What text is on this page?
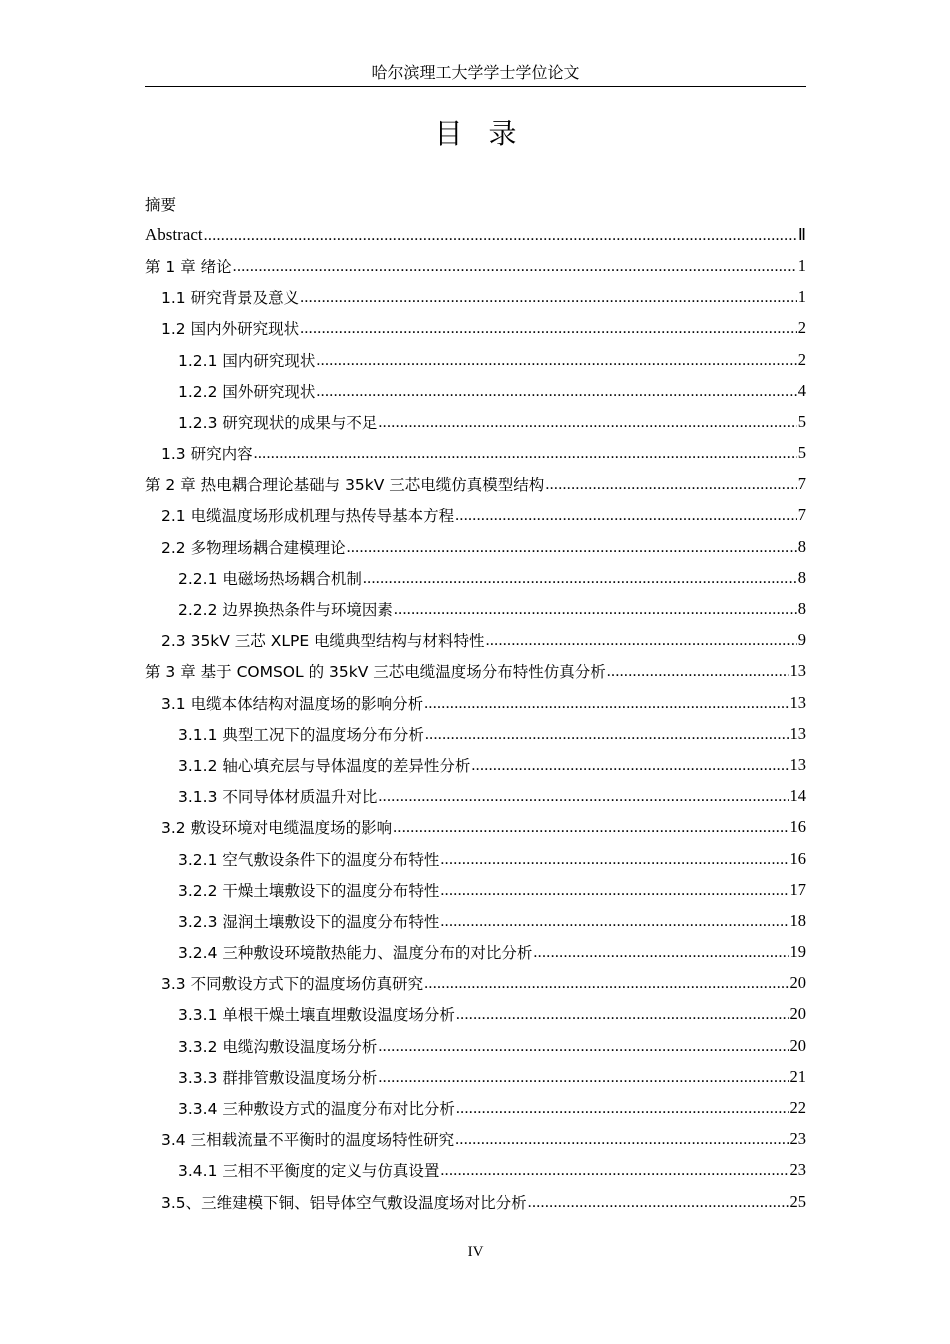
哈尔滨理工大学学士学位论文
目录
摘要
Abstract .....	Ⅱ
第 1 章 绪论 .....	1
1.1 研究背景及意义 .....	1
1.2 国内外研究现状 .....	2
1.2.1 国内研究现状 .....	2
1.2.2 国外研究现状 .....	4
1.2.3 研究现状的成果与不足 .....	5
1.3 研究内容 .....	5
第 2 章 热电耦合理论基础与 35kV 三芯电缆仿真模型结构 .....	7
2.1 电缆温度场形成机理与热传导基本方程 .....	7
2.2 多物理场耦合建模理论 .....	8
2.2.1 电磁场热场耦合机制 .....	8
2.2.2 边界换热条件与环境因素 .....	8
2.3 35kV 三芯 XLPE 电缆典型结构与材料特性 .....	9
第 3 章 基于 COMSOL 的 35kV 三芯电缆温度场分布特性仿真分析 .....	13
3.1 电缆本体结构对温度场的影响分析 .....	13
3.1.1 典型工况下的温度场分布分析 .....	13
3.1.2 轴心填充层与导体温度的差异性分析 .....	13
3.1.3 不同导体材质温升对比 .....	14
3.2 敷设环境对电缆温度场的影响 .....	16
3.2.1 空气敷设条件下的温度分布特性 .....	16
3.2.2 干燥土壤敷设下的温度分布特性 .....	17
3.2.3 湿润土壤敷设下的温度分布特性 .....	18
3.2.4 三种敷设环境散热能力、温度分布的对比分析 .....	19
3.3 不同敷设方式下的温度场仿真研究 .....	20
3.3.1 单根干燥土壤直埋敷设温度场分析 .....	20
3.3.2 电缆沟敷设温度场分析 .....	20
3.3.3 群排管敷设温度场分析 .....	21
3.3.4 三种敷设方式的温度分布对比分析 .....	22
3.4 三相载流量不平衡时的温度场特性研究 .....	23
3.4.1 三相不平衡度的定义与仿真设置 .....	23
3.5、三维建模下铜、铝导体空气敷设温度场对比分析 .....	25
IV
